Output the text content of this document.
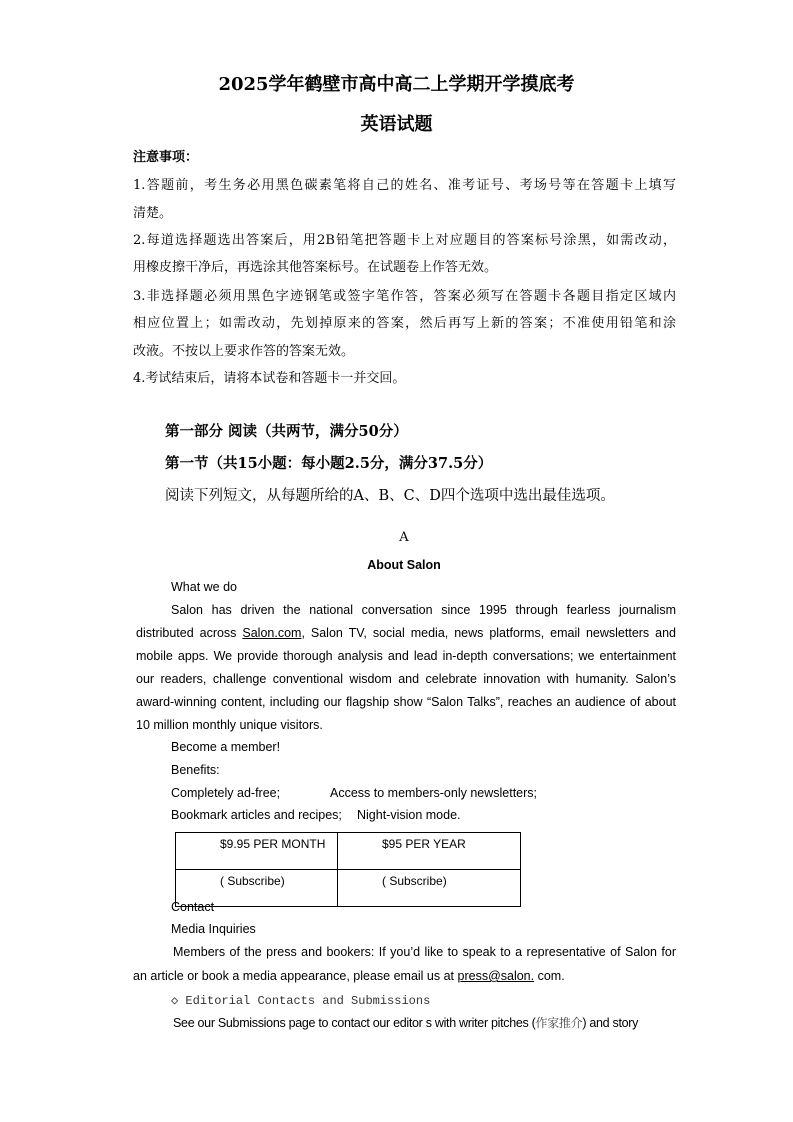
2025学年鹤壁市高中高二上学期开学摸底考
英语试题
注意事项：
1.答题前，考生务必用黑色碳素笔将自己的姓名、准考证号、考场号等在答题卡上填写
清楚。
2.每道选择题选出答案后，用2B铅笔把答题卡上对应题目的答案标号涂黑，如需改动，
用橡皮擦干净后，再选涂其他答案标号。在试题卷上作答无效。
3.非选择题必须用黑色字迹钢笔或签字笔作答，答案必须写在答题卡各题目指定区域内
相应位置上；如需改动，先划掉原来的答案，然后再写上新的答案；不准使用铅笔和涂
改液。不按以上要求作答的答案无效。
4.考试结束后，请将本试卷和答题卡一并交回。
第一部分 阅读（共两节，满分50分）
第一节（共15小题：每小题2.5分，满分37.5分）
阅读下列短文，从每题所给的A、B、C、D四个选项中选出最佳选项。
A
About Salon
What we do
Salon has driven the national conversation since 1995 through fearless journalism
distributed across Salon.com, Salon TV, social media, news platforms, email newsletters and
mobile apps. We provide thorough analysis and lead in-depth conversations; we entertainment
our readers, challenge conventional wisdom and celebrate innovation with humanity. Salon’s
award-winning content, including our flagship show “Salon Talks”, reaches an audience of about
10 million monthly unique visitors.
Become a member!
Benefits:
Completely ad-free;	Access to members-only newsletters;
Bookmark articles and recipes; Night-vision mode.
$9.95 PER MONTH	$95 PER YEAR
( Subscribe)	( Subscribe)
Contact
Media Inquiries
Members of the press and bookers: If you’d like to speak to a representative of Salon for
an article or book a media appearance, please email us at press@salon. com.
◇ Editorial Contacts and Submissions
See our Submissions page to contact our editor s with writer pitches (作家推介) and story
